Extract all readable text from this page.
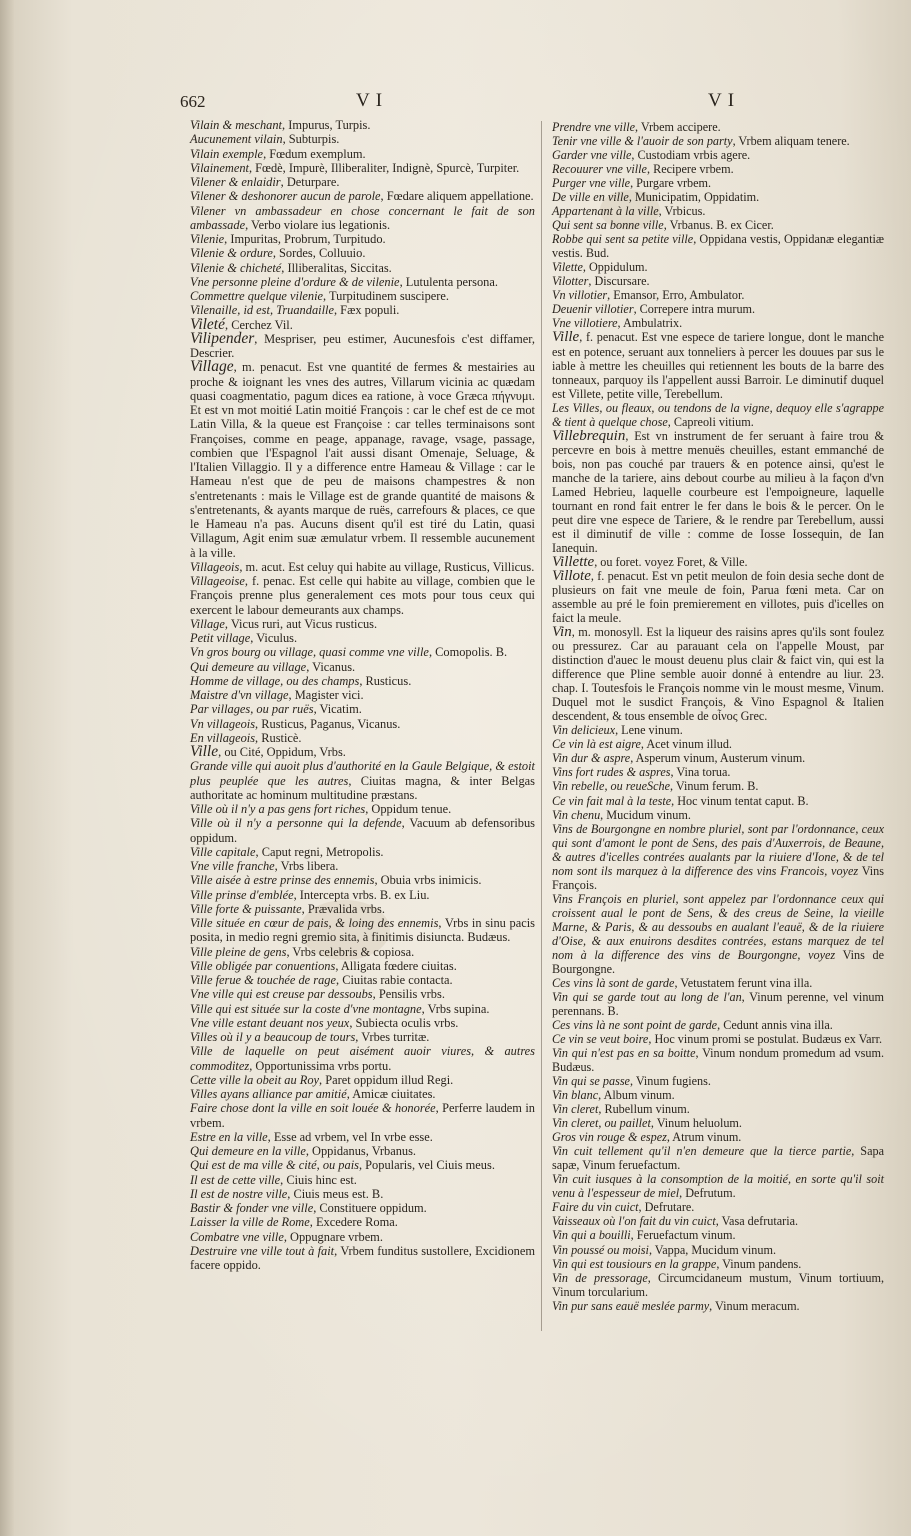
662	VI	VI

Vilain & meschant, Impurus, Turpis.

Aucunement vilain, Subturpis.

Vilain exemple, Fœdum exemplum.

Vilainement, Fœdè, Impurè, Illiberaliter, Indignè, Spurcè, Turpiter.

Vilener & enlaidir, Deturpare.

Vilener & deshonorer aucun de parole, Fœdare aliquem appellatione.

Vilener vn ambassadeur en chose concernant le fait de son ambassade, Verbo violare ius legationis.

Vilenie, Impuritas, Probrum, Turpitudo.

Vilenie & ordure, Sordes, Colluuio.

Vilenie & chicheté, Illiberalitas, Siccitas.

Vne personne pleine d'ordure & de vilenie, Lutulenta persona.

Commettre quelque vilenie, Turpitudinem suscipere.

Vilenaille, id est, Truandaille, Fæx populi.

Vileté, Cerchez Vil.

Vilipender, Mespriser, peu estimer, Aucunesfois c'est diffamer, Descrier.

Village, m. penacut. Est vne quantité de fermes & mestairies au proche & ioignant les vnes des autres, Villarum vicinia ac quædam quasi coagmentatio, pagum dices ea ratione, à voce Græca πήγνυμι. Et est vn mot moitié Latin moitié François : car le chef est de ce mot Latin Villa, & la queue est Françoise : car telles terminaisons sont Françoises, comme en peage, appanage, ravage, vsage, passage, combien que l'Espagnol l'ait aussi disant Omenaje, Seluage, & l'Italien Villaggio. Il y a difference entre Hameau & Village : car le Hameau n'est que de peu de maisons champestres & non s'entretenants : mais le Village est de grande quantité de maisons & s'entretenants, & ayants marque de ruës, carrefours & places, ce que le Hameau n'a pas. Aucuns disent qu'il est tiré du Latin, quasi Villagum, Agit enim suæ æmulatur vrbem. Il ressemble aucunement à la ville.

Villageois, m. acut. Est celuy qui habite au village, Rusticus, Villicus.

Villageoise, f. penac. Est celle qui habite au village, combien que le François prenne plus generalement ces mots pour tous ceux qui exercent le labour demeurants aux champs.

Village, Vicus ruri, aut Vicus rusticus.

Petit village, Viculus.

Vn gros bourg ou village, quasi comme vne ville, Comopolis. B.

Qui demeure au village, Vicanus.

Homme de village, ou des champs, Rusticus.

Maistre d'vn village, Magister vici.

Par villages, ou par ruës, Vicatim.

Vn villageois, Rusticus, Paganus, Vicanus.

En villageois, Rusticè.

Ville, ou Cité, Oppidum, Vrbs.

Grande ville qui auoit plus d'authorité en la Gaule Belgique, & estoit plus peuplée que les autres, Ciuitas magna, & inter Belgas authoritate ac hominum multitudine præstans.

Ville où il n'y a pas gens fort riches, Oppidum tenue.

Ville où il n'y a personne qui la defende, Vacuum ab defensoribus oppidum.

Ville capitale, Caput regni, Metropolis.

Vne ville franche, Vrbs libera.

Ville aisée à estre prinse des ennemis, Obuia vrbs inimicis.

Ville prinse d'emblée, Intercepta vrbs. B. ex Liu.

Ville forte & puissante, Prævalida vrbs.

Ville située en cœur de pais, & loing des ennemis, Vrbs in sinu pacis posita, in medio regni gremio sita, à finitimis disiuncta. Budæus.

Ville pleine de gens, Vrbs celebris & copiosa.

Ville obligée par conuentions, Alligata fœdere ciuitas.

Ville ferue & touchée de rage, Ciuitas rabie contacta.

Vne ville qui est creuse par dessoubs, Pensilis vrbs.

Ville qui est située sur la coste d'vne montagne, Vrbs supina.

Vne ville estant deuant nos yeux, Subiecta oculis vrbs.

Villes où il y a beaucoup de tours, Vrbes turritæ.

Ville de laquelle on peut aisément auoir viures, & autres commoditez, Opportunissima vrbs portu.

Cette ville la obeit au Roy, Paret oppidum illud Regi.

Villes ayans alliance par amitié, Amicæ ciuitates.

Faire chose dont la ville en soit louée & honorée, Perferre laudem in vrbem.

Estre en la ville, Esse ad vrbem, vel In vrbe esse.

Qui demeure en la ville, Oppidanus, Vrbanus.

Qui est de ma ville & cité, ou pais, Popularis, vel Ciuis meus.

Il est de cette ville, Ciuis hinc est.

Il est de nostre ville, Ciuis meus est. B.

Bastir & fonder vne ville, Constituere oppidum.

Laisser la ville de Rome, Excedere Roma.

Combatre vne ville, Oppugnare vrbem.

Destruire vne ville tout à fait, Vrbem funditus sustollere, Excidionem facere oppido.

Prendre vne ville, Vrbem accipere.

Tenir vne ville & l'auoir de son party, Vrbem aliquam tenere.

Garder vne ville, Custodiam vrbis agere.

Recouurer vne ville, Recipere vrbem.

Purger vne ville, Purgare vrbem.

De ville en ville, Municipatim, Oppidatim.

Appartenant à la ville, Vrbicus.

Qui sent sa bonne ville, Vrbanus. B. ex Cicer.

Robbe qui sent sa petite ville, Oppidana vestis, Oppidanæ elegantiæ vestis. Bud.

Vilette, Oppidulum.

Vilotter, Discursare.

Vn villotier, Emansor, Erro, Ambulator.

Deuenir villotier, Correpere intra murum.

Vne villotiere, Ambulatrix.

Ville, f. penacut. Est vne espece de tariere longue, dont le manche est en potence, seruant aux tonneliers à percer les douues par sus le iable à mettre les cheuilles qui retiennent les bouts de la barre des tonneaux, parquoy ils l'appellent aussi Barroir. Le diminutif duquel est Villete, petite ville, Terebellum.

Les Villes, ou fleaux, ou tendons de la vigne, dequoy elle s'agrappe & tient à quelque chose, Capreoli vitium.

Villebrequin, Est vn instrument de fer seruant à faire trou & percevre en bois à mettre menuës cheuilles, estant emmanché de bois, non pas couché par trauers & en potence ainsi, qu'est le manche de la tariere, ains debout courbe au milieu à la façon d'vn Lamed Hebrieu, laquelle courbeure est l'empoigneure, laquelle tournant en rond fait entrer le fer dans le bois & le percer. On le peut dire vne espece de Tariere, & le rendre par Terebellum, aussi est il diminutif de ville : comme de Iosse Iossequin, de Ian Ianequin.

Villette, ou foret. voyez Foret, & Ville.

Villote, f. penacut. Est vn petit meulon de foin desia seche dont de plusieurs on fait vne meule de foin, Parua fœni meta. Car on assemble au pré le foin premierement en villotes, puis d'icelles on faict la meule.

Vin, m. monosyll. Est la liqueur des raisins apres qu'ils sont foulez ou pressurez. Car au parauant cela on l'appelle Moust, par distinction d'auec le moust deuenu plus clair & faict vin, qui est la difference que Pline semble auoir donné à entendre au liur. 23. chap. I. Toutesfois le François nomme vin le moust mesme, Vinum. Duquel mot le susdict François, & Vino Espagnol & Italien descendent, & tous ensemble de οἶνος Grec.

Vin delicieux, Lene vinum.

Ce vin là est aigre, Acet vinum illud.

Vin dur & aspre, Asperum vinum, Austerum vinum.

Vins fort rudes & aspres, Vina torua.

Vin rebelle, ou reueSche, Vinum ferum. B.

Ce vin fait mal à la teste, Hoc vinum tentat caput. B.

Vin chenu, Mucidum vinum.

Vins de Bourgongne en nombre pluriel, sont par l'ordonnance, ceux qui sont d'amont le pont de Sens, des pais d'Auxerrois, de Beaune, & autres d'icelles contrées aualants par la riuiere d'Ione, & de tel nom sont ils marquez à la difference des vins Francois, voyez Vins François.

Vins François en pluriel, sont appelez par l'ordonnance ceux qui croissent aual le pont de Sens, & des creus de Seine, la vieille Marne, & Paris, & au dessoubs en aualant l'eauë, & de la riuiere d'Oise, & aux enuirons desdites contrées, estans marquez de tel nom à la difference des vins de Bourgongne, voyez Vins de Bourgongne.

Ces vins là sont de garde, Vetustatem ferunt vina illa.

Vin qui se garde tout au long de l'an, Vinum perenne, vel vinum perennans. B.

Ces vins là ne sont point de garde, Cedunt annis vina illa.

Ce vin se veut boire, Hoc vinum promi se postulat. Budæus ex Varr.

Vin qui n'est pas en sa boitte, Vinum nondum promedum ad vsum. Budæus.

Vin qui se passe, Vinum fugiens.

Vin blanc, Album vinum.

Vin cleret, Rubellum vinum.

Vin cleret, ou paillet, Vinum heluolum.

Gros vin rouge & espez, Atrum vinum.

Vin cuit tellement qu'il n'en demeure que la tierce partie, Sapa sapæ, Vinum feruefactum.

Vin cuit iusques à la consomption de la moitié, en sorte qu'il soit venu à l'espesseur de miel, Defrutum.

Faire du vin cuict, Defrutare.

Vaisseaux où l'on fait du vin cuict, Vasa defrutaria.

Vin qui a bouilli, Feruefactum vinum.

Vin poussé ou moisi, Vappa, Mucidum vinum.

Vin qui est tousiours en la grappe, Vinum pandens.

Vin de pressorage, Circumcidaneum mustum, Vinum tortiuum, Vinum torcularium.

Vin pur sans eauë meslée parmy, Vinum meracum.
